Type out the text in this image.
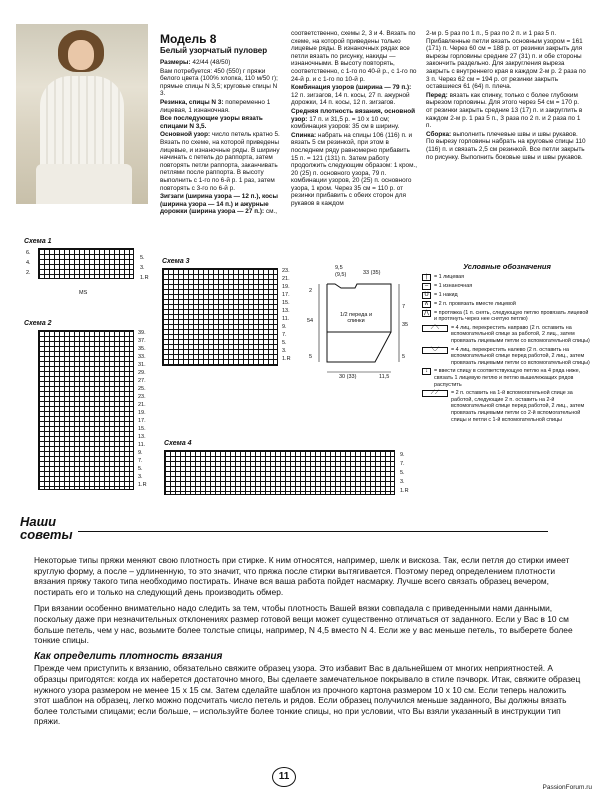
Модель 8
Белый узорчатый пуловер

Размеры: 42/44 (48/50)

Вам потребуется: 450 (550) г пряжи белого цвета (100% хлопка, 110 м/50 г); прямые спицы N 3,5; круговые спицы N 3.

Резинка, спицы N 3: попеременно 1 лицевая, 1 изнаночная.

Все последующие узоры вязать спицами N 3,5.

Основной узор: число петель кратно 5. Вязать по схеме, на которой приведены лицевые, и изнаночные ряды. В ширину начинать с петель до раппорта, затем повторять петли раппорта, заканчивать петлями после раппорта. В высоту выполнить с 1-го по 6-й р. 1 раз, затем повторять с 3-го по 6-й р.

Зигзаги (ширина узора — 12 п.), косы (ширина узора — 14 п.) и ажурные дорожки (ширина узора — 27 п.): см.,

соответственно, схемы 2, 3 и 4. Вязать по схеме, на которой приведены только лицевые ряды. В изнаночных рядах все петли вязать по рисунку, накиды — изнаночными. В высоту повторять, соответственно, с 1-го по 40-й р., с 1-го по 24-й р. и с 1-го по 10-й р.

Комбинация узоров (ширина — 79 п.): 12 п. зигзагов, 14 п. косы, 27 п. ажурной дорожки, 14 п. косы, 12 п. зигзагов.

Средняя плотность вязания, основной узор: 17 п. и 31,5 р. = 10 х 10 см; комбинация узоров: 35 см в ширину.

Спинка: набрать на спицы 106 (116) п. и вязать 5 см резинкой, при этом в последнем ряду равномерно прибавить 15 п. = 121 (131) п. Затем работу продолжить следующим образом: 1 кром., 20 (25) п. основного узора, 79 п. комбинации узоров, 20 (25) п. основного узора, 1 кром. Через 35 см = 110 р. от резинки прибавить с обеих сторон для рукавов в каждом

2-м р. 5 раз по 1 п., 5 раз по 2 п. и 1 раз 5 п. Прибавленные петли вязать основным узором = 161 (171) п. Через 60 см = 188 р. от резинки закрыть для вырезы горловины средние 27 (31) п. и обе стороны закончить раздельно. Для закругления выреза закрыть с внутреннего края в каждом 2-м р. 2 раза по 3 п. Через 62 см = 194 р. от резинки закрыть оставшиеся 61 (64) п. плеча.

Перед: вязать как спинку, только с более глубоким вырезом горловины. Для этого через 54 см = 170 р. от резинки закрыть средние 13 (17) п. и закруглить в каждом 2-м р. 1 раз 5 п., 3 раза по 2 п. и 2 раза по 1 п.

Сборка: выполнить плечевые швы и швы рукавов. По вырезу горловины набрать на круговые спицы 110 (116) п. и связать 2,5 см резинкой. Все петли закрыть по рисунку. Выполнить боковые швы и швы рукавов.

Схема 1
6.
4.
2.
5.
3.
1.R
MS
Схема 2
39.
37.
35.
33.
31.
29.
27.
25.
23.
21.
19.
17.
15.
13.
11.
9.
7.
5.
3.
1.R
Схема 3
23.
21.
19.
17.
15.
13.
11.
9.
7.
5.
3.
1.R
Схема 4
9.
7.
5.
3.
1.R
9,5
(9,5)	33 (35)
2
54
5
7
35
5
1/2 переда и спинки
30 (33)	11,5
Условные обозначения
|	= 1 лицевая
–	= 1 изнаночная
U = 1 накид
∧ = 2 п. провязать вместе лицевой
⋀ = протяжка (1 п. снять, следующую петлю провязать лицевой и протянуть через нее снятую петлю)
⟋⟍	= 4 лиц. перекрестить направо (2 п. оставить на вспомогательной спице за работой, 2 лиц., затем провязать лицевыми петли со вспомогательной спицы)
⟍⟋	= 4 лиц. перекрестить налево (2 п. оставить на вспомогательной спице перед работой, 2 лиц., затем провязать лицевыми петли со вспомогательной спицы)
↓	= ввести спицу в соответствующую петлю на 4 ряда ниже, связать 1 лицевую петлю и петлю вышележащих рядов распустить
⟋⟋	= 2 п. оставить на 1-й вспомогательной спице за работой, следующие 2 п. оставить на 2-й вспомогательной спице перед работой, 2 лиц., затем провязать лицевыми петли со 2-й вспомогательной спицы и петли с 1-й вспомогательной спицы
Наши советы

Некоторые типы пряжи меняют свою плотность при стирке. К ним относятся, например, шелк и вискоза. Так, если петля до стирки имеет круглую форму, а после – удлиненную, то это значит, что пряжа после стирки вытягивается. Поэтому перед определением плотности вязания пряжу такого типа необходимо постирать. Иначе вся ваша работа пойдет насмарку. Лучше всего связать образец вечером, постирать его и только на следующий день производить обмер.

При вязании особенно внимательно надо следить за тем, чтобы плотность Вашей вязки совпадала с приведенными нами данными, поскольку даже при незначительных отклонениях размер готовой вещи может существенно отличаться от заданного. Если у Вас в 10 см больше петель, чем у нас, возьмите более толстые спицы, например, N 4,5 вместо N 4. Если же у вас меньше петель, то выберете более тонкие спицы.

Как определить плотность вязания

Прежде чем приступить к вязанию, обязательно свяжите образец узора. Это избавит Вас в дальнейшем от многих неприятностей. А образцы пригодятся: когда их наберется достаточно много, Вы сделаете замечательное покрывало в стиле пэчворк. Итак, свяжите образец нужного узора размером не менее 15 х 15 см. Затем сделайте шаблон из прочного картона размером 10 х 10 см. Если теперь наложить этот шаблон на образец, легко можно подсчитать число петель и рядов. Если образец получился меньше заданного, Вы должны вязать более толстыми спицами; если больше, – используйте более тонкие спицы, но при условии, что Вы взяли указанный в инструкции тип пряжи.

11
PassionForum.ru
